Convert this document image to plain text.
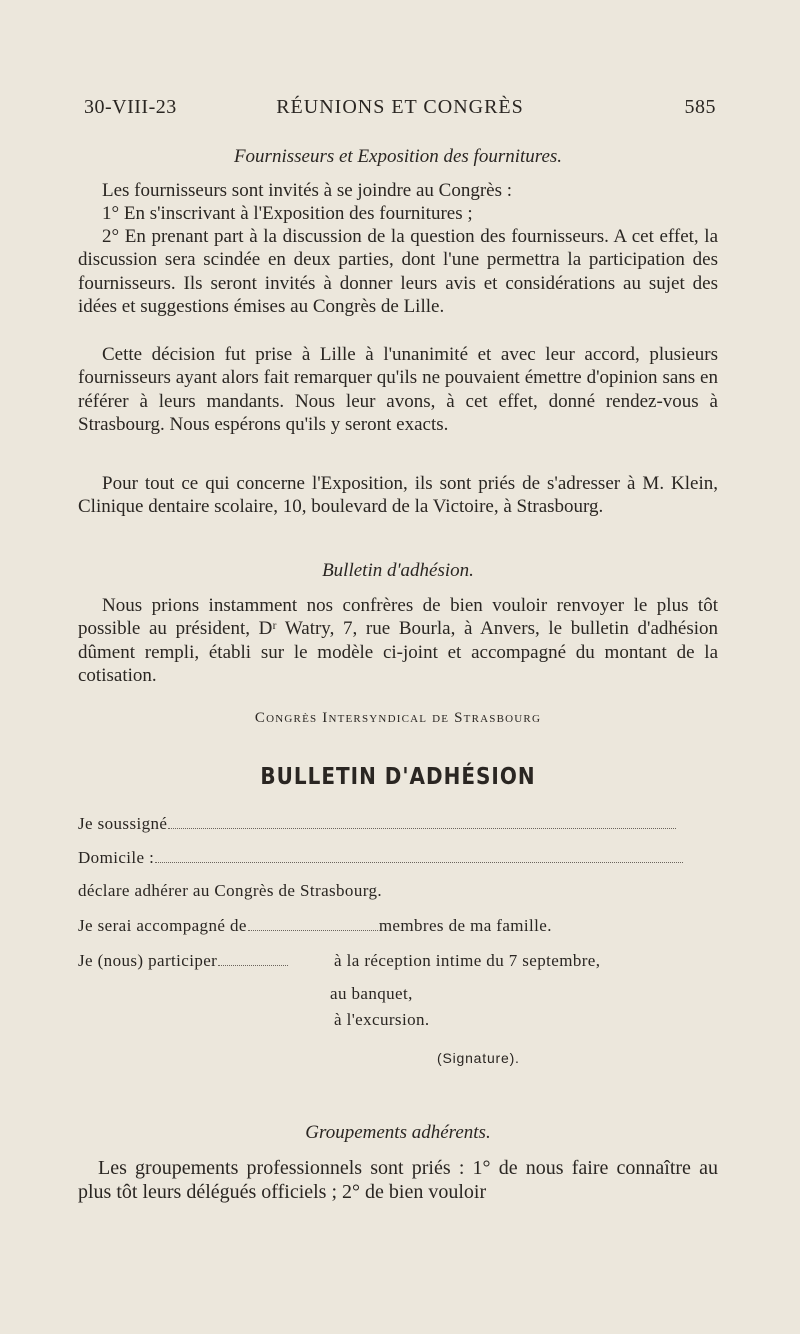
30-VIII-23	RÉUNIONS ET CONGRÈS	585
Fournisseurs et Exposition des fournitures.

Les fournisseurs sont invités à se joindre au Congrès :

1° En s'inscrivant à l'Exposition des fournitures ;

2° En prenant part à la discussion de la question des fournisseurs. A cet effet, la discussion sera scindée en deux parties, dont l'une permettra la participation des fournisseurs. Ils seront invités à donner leurs avis et considérations au sujet des idées et suggestions émises au Congrès de Lille.

Cette décision fut prise à Lille à l'unanimité et avec leur accord, plusieurs fournisseurs ayant alors fait remarquer qu'ils ne pouvaient émettre d'opinion sans en référer à leurs mandants. Nous leur avons, à cet effet, donné rendez-vous à Strasbourg. Nous espérons qu'ils y seront exacts.

Pour tout ce qui concerne l'Exposition, ils sont priés de s'adresser à M. Klein, Clinique dentaire scolaire, 10, boulevard de la Victoire, à Strasbourg.

Bulletin d'adhésion.

Nous prions instamment nos confrères de bien vouloir renvoyer le plus tôt possible au président, Dʳ Watry, 7, rue Bourla, à Anvers, le bulletin d'adhésion dûment rempli, établi sur le modèle ci-joint et accompagné du montant de la cotisation.

Congrès Intersyndical de Strasbourg
BULLETIN D'ADHÉSION
Je soussigné
Domicile :
déclare adhérer au Congrès de Strasbourg.
Je serai accompagné de	membres de ma famille.
Je (nous) participer	à la réception intime du 7 septembre,
au banquet,
à l'excursion.
(Signature).
Groupements adhérents.

Les groupements professionnels sont priés : 1° de nous faire connaître au plus tôt leurs délégués officiels ; 2° de bien vouloir
